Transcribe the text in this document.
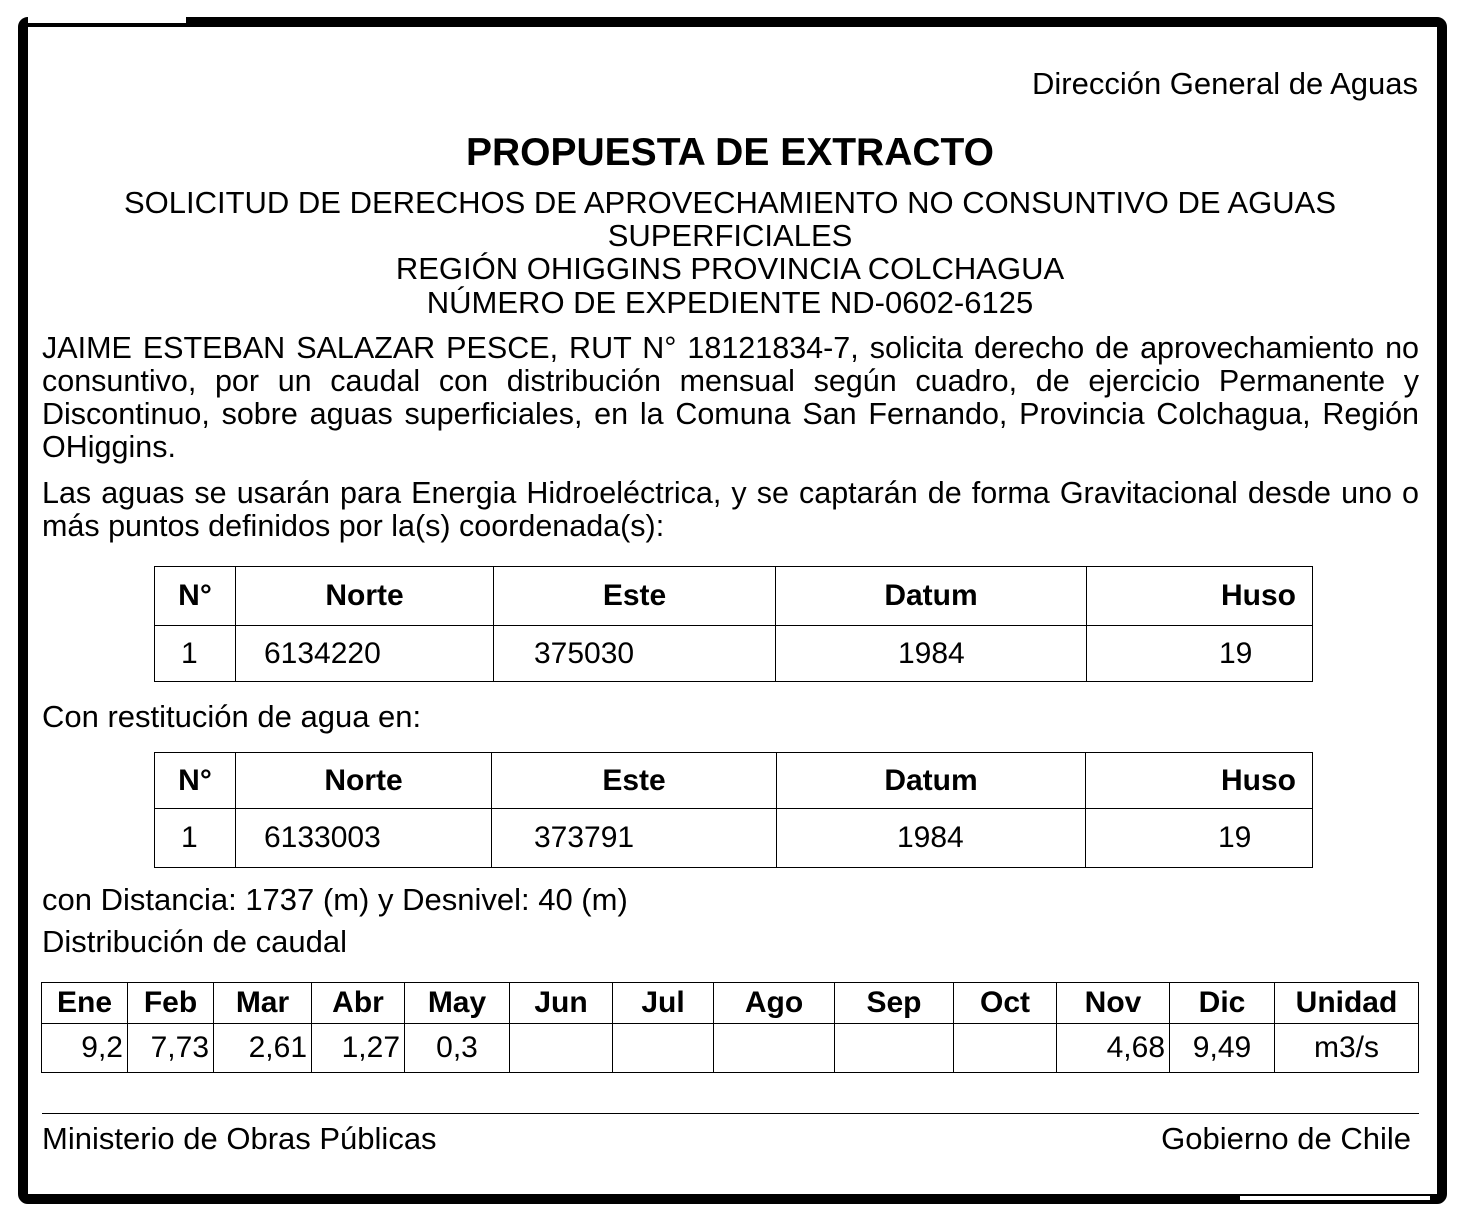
Dirección General de Aguas
PROPUESTA DE EXTRACTO
SOLICITUD DE DERECHOS DE APROVECHAMIENTO NO CONSUNTIVO DE AGUAS
SUPERFICIALES
REGIÓN OHIGGINS PROVINCIA COLCHAGUA
NÚMERO DE EXPEDIENTE ND-0602-6125
JAIME ESTEBAN SALAZAR PESCE, RUT N° 18121834-7, solicita derecho de aprovechamiento no consuntivo, por un caudal con distribución mensual según cuadro, de ejercicio Permanente y Discontinuo, sobre aguas superficiales, en la Comuna San Fernando, Provincia Colchagua, Región OHiggins.
Las aguas se usarán para Energia Hidroeléctrica, y se captarán de forma Gravitacional desde uno o más puntos definidos por la(s) coordenada(s):
N°	Norte	Este	Datum	Huso
1	6134220	375030	1984	19
Con restitución de agua en:
N°	Norte	Este	Datum	Huso
1	6133003	373791	1984	19
con Distancia: 1737 (m) y Desnivel: 40 (m)
Distribución de caudal
Ene	Feb	Mar	Abr	May	Jun	Jul	Ago	Sep	Oct	Nov	Dic	Unidad
9,2	7,73	2,61	1,27	0,3						4,68	9,49	m3/s
Ministerio de Obras Públicas	Gobierno de Chile
